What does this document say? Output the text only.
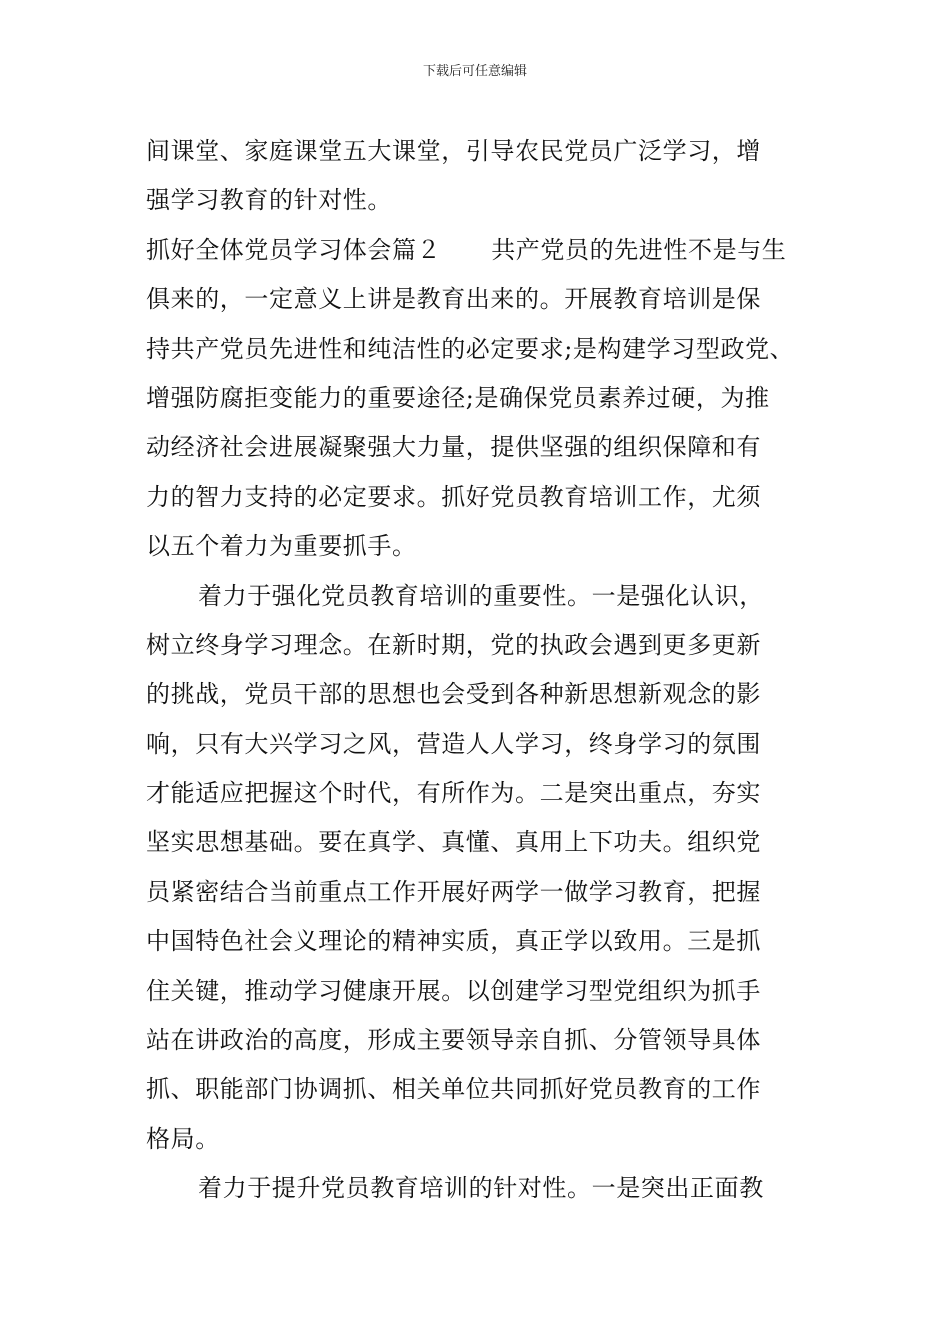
下载后可任意编辑
间课堂、家庭课堂五大课堂，引导农民党员广泛学习，增
强学习教育的针对性。
抓好全体党员学习体会篇２ 共产党员的先进性不是与生
俱来的，一定意义上讲是教育出来的。开展教育培训是保
持共产党员先进性和纯洁性的必定要求;是构建学习型政党、
增强防腐拒变能力的重要途径;是确保党员素养过硬，为推
动经济社会进展凝聚强大力量，提供坚强的组织保障和有
力的智力支持的必定要求。抓好党员教育培训工作，尤须
以五个着力为重要抓手。
着力于强化党员教育培训的重要性。一是强化认识，
树立终身学习理念。在新时期，党的执政会遇到更多更新
的挑战，党员干部的思想也会受到各种新思想新观念的影
响，只有大兴学习之风，营造人人学习，终身学习的氛围
才能适应把握这个时代，有所作为。二是突出重点，夯实
坚实思想基础。要在真学、真懂、真用上下功夫。组织党
员紧密结合当前重点工作开展好两学一做学习教育，把握
中国特色社会义理论的精神实质，真正学以致用。三是抓
住关键，推动学习健康开展。以创建学习型党组织为抓手
站在讲政治的高度，形成主要领导亲自抓、分管领导具体
抓、职能部门协调抓、相关单位共同抓好党员教育的工作
格局。
着力于提升党员教育培训的针对性。一是突出正面教
